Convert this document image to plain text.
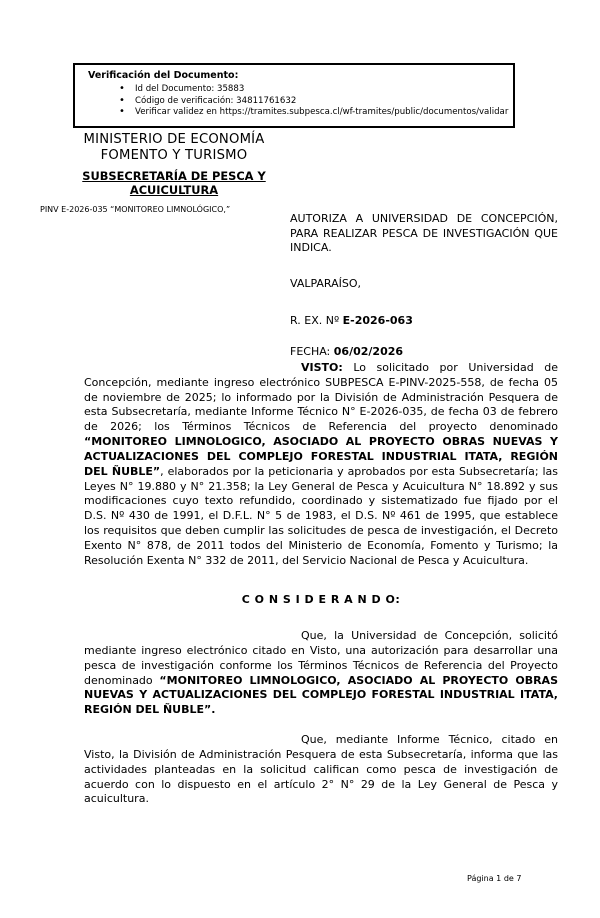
Verificación del Documento:
• Id del Documento: 35883
• Código de verificación: 34811761632
• Verificar validez en https://tramites.subpesca.cl/wf-tramites/public/documentos/validar
MINISTERIO DE ECONOMÍA
FOMENTO Y TURISMO
SUBSECRETARÍA DE PESCA Y ACUICULTURA
PINV E-2026-035 “MONITOREO LIMNOLÓGICO,”
AUTORIZA A UNIVERSIDAD DE CONCEPCIÓN, PARA REALIZAR PESCA DE INVESTIGACIÓN QUE INDICA.
VALPARAÍSO,
R. EX. Nº E-2026-063
FECHA: 06/02/2026

VISTO: Lo solicitado por Universidad de Concepción, mediante ingreso electrónico SUBPESCA E-PINV-2025-558, de fecha 05 de noviembre de 2025; lo informado por la División de Administración Pesquera de esta Subsecretaría, mediante Informe Técnico N° E-2026-035, de fecha 03 de febrero de 2026; los Términos Técnicos de Referencia del proyecto denominado “MONITOREO LIMNOLOGICO, ASOCIADO AL PROYECTO OBRAS NUEVAS Y ACTUALIZACIONES DEL COMPLEJO FORESTAL INDUSTRIAL ITATA, REGIÓN DEL ÑUBLE”, elaborados por la peticionaria y aprobados por esta Subsecretaría; las Leyes N° 19.880 y N° 21.358; la Ley General de Pesca y Acuicultura N° 18.892 y sus modificaciones cuyo texto refundido, coordinado y sistematizado fue fijado por el D.S. Nº 430 de 1991, el D.F.L. N° 5 de 1983, el D.S. Nº 461 de 1995, que establece los requisitos que deben cumplir las solicitudes de pesca de investigación, el Decreto Exento N° 878, de 2011 todos del Ministerio de Economía, Fomento y Turismo; la Resolución Exenta N° 332 de 2011, del Servicio Nacional de Pesca y Acuicultura.

C O N S I D E R A N D O:

Que, la Universidad de Concepción, solicitó mediante ingreso electrónico citado en Visto, una autorización para desarrollar una pesca de investigación conforme los Términos Técnicos de Referencia del Proyecto denominado “MONITOREO LIMNOLOGICO, ASOCIADO AL PROYECTO OBRAS NUEVAS Y ACTUALIZACIONES DEL COMPLEJO FORESTAL INDUSTRIAL ITATA, REGIÓN DEL ÑUBLE”.

Que, mediante Informe Técnico, citado en Visto, la División de Administración Pesquera de esta Subsecretaría, informa que las actividades planteadas en la solicitud califican como pesca de investigación de acuerdo con lo dispuesto en el artículo 2° N° 29 de la Ley General de Pesca y acuicultura.

Página 1 de 7
